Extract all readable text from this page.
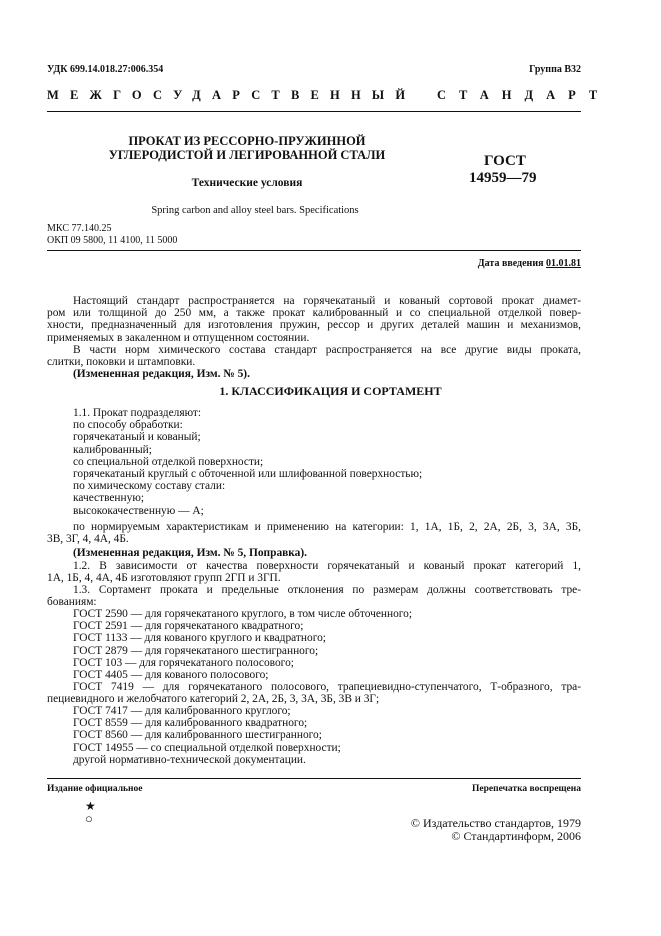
УДК 699.14.018.27:006.354	Группа В32
МЕЖГОСУДАРСТВЕННЫЙ СТАНДАРТ
ПРОКАТ ИЗ РЕССОРНО-ПРУЖИННОЙ
УГЛЕРОДИСТОЙ И ЛЕГИРОВАННОЙ СТАЛИ
Технические условия
Spring carbon and alloy steel bars. Specifications
ГОСТ
14959—79
МКС 77.140.25
ОКП 09 5800, 11 4100, 11 5000
Дата введения 01.01.81
Настоящий стандарт распространяется на горячекатаный и кованый сортовой прокат диамет-
ром или толщиной до 250 мм, а также прокат калиброванный и со специальной отделкой повер-
хности, предназначенный для изготовления пружин, рессор и других деталей машин и механизмов,
применяемых в закаленном и отпущенном состоянии.
В части норм химического состава стандарт распространяется на все другие виды проката,
слитки, поковки и штамповки.
(Измененная редакция, Изм. № 5).
1. КЛАССИФИКАЦИЯ И СОРТАМЕНТ
1.1. Прокат подразделяют:
по способу обработки:
горячекатаный и кованый;
калиброванный;
со специальной отделкой поверхности;
горячекатаный круглый с обточенной или шлифованной поверхностью;
по химическому составу стали:
качественную;
высококачественную — А;
по нормируемым характеристикам и применению на категории: 1, 1А, 1Б, 2, 2А, 2Б, 3, 3А, 3Б,
3В, 3Г, 4, 4А, 4Б.
(Измененная редакция, Изм. № 5, Поправка).
1.2. В зависимости от качества поверхности горячекатаный и кованый прокат категорий 1,
1А, 1Б, 4, 4А, 4Б изготовляют групп 2ГП и 3ГП.
1.3. Сортамент проката и предельные отклонения по размерам должны соответствовать тре-
бованиям:
ГОСТ 2590 — для горячекатаного круглого, в том числе обточенного;
ГОСТ 2591 — для горячекатаного квадратного;
ГОСТ 1133 — для кованого круглого и квадратного;
ГОСТ 2879 — для горячекатаного шестигранного;
ГОСТ 103 — для горячекатаного полосового;
ГОСТ 4405 — для кованого полосового;
ГОСТ 7419 — для горячекатаного полосового, трапециевидно-ступенчатого, Т-образного, тра-
пециевидного и желобчатого категорий 2, 2А, 2Б, 3, 3А, 3Б, 3В и 3Г;
ГОСТ 7417 — для калиброванного круглого;
ГОСТ 8559 — для калиброванного квадратного;
ГОСТ 8560 — для калиброванного шестигранного;
ГОСТ 14955 — со специальной отделкой поверхности;
другой нормативно-технической документации.
Издание официальное	Перепечатка воспрещена
★
○	© Издательство стандартов, 1979
© Стандартинформ, 2006
